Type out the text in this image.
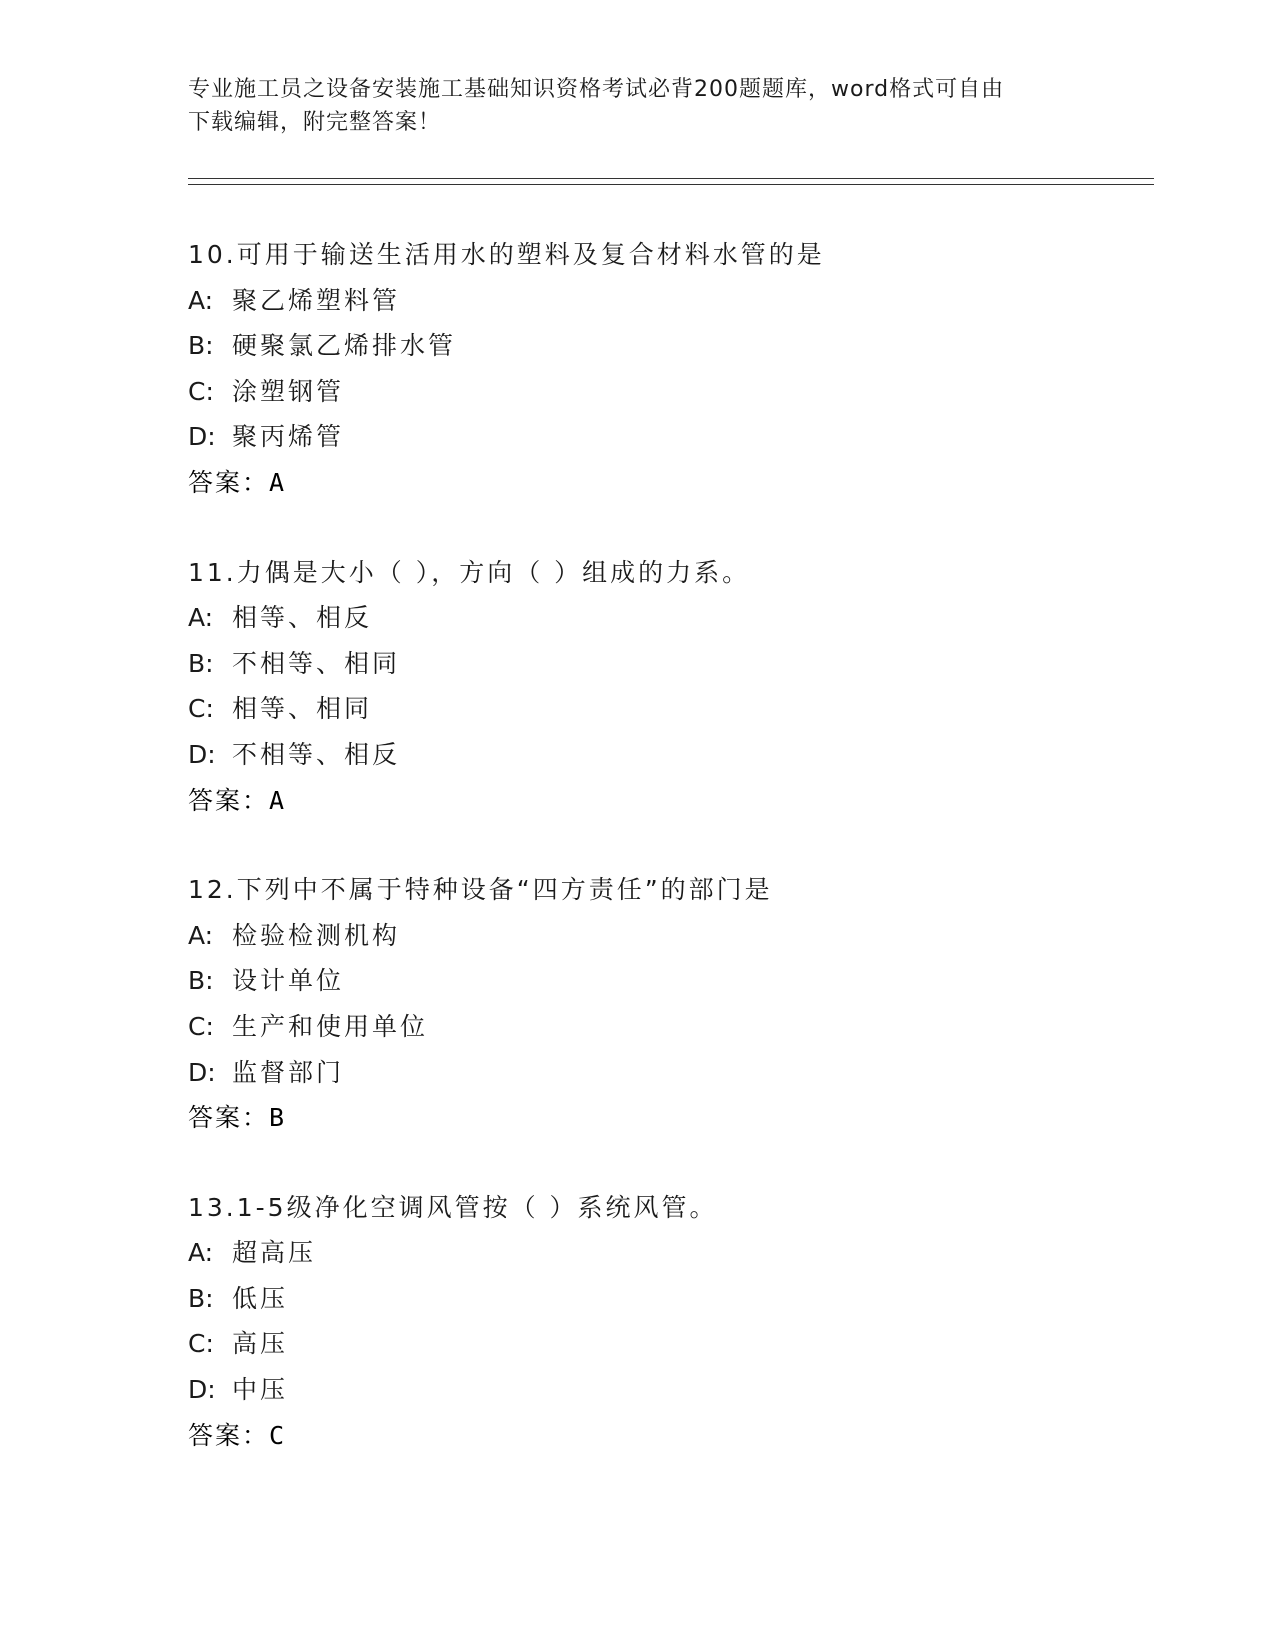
专业施工员之设备安装施工基础知识资格考试必背200题题库，word格式可自由
下载编辑，附完整答案！
10.可用于输送生活用水的塑料及复合材料水管的是
A: 聚乙烯塑料管
B: 硬聚氯乙烯排水管
C: 涂塑钢管
D: 聚丙烯管
答案：A
11.力偶是大小（ ），方向（ ）组成的力系。
A: 相等、相反
B: 不相等、相同
C: 相等、相同
D: 不相等、相反
答案：A
12.下列中不属于特种设备“四方责任”的部门是
A: 检验检测机构
B: 设计单位
C: 生产和使用单位
D: 监督部门
答案：B
13.1-5级净化空调风管按（ ）系统风管。
A: 超高压
B: 低压
C: 高压
D: 中压
答案：C
